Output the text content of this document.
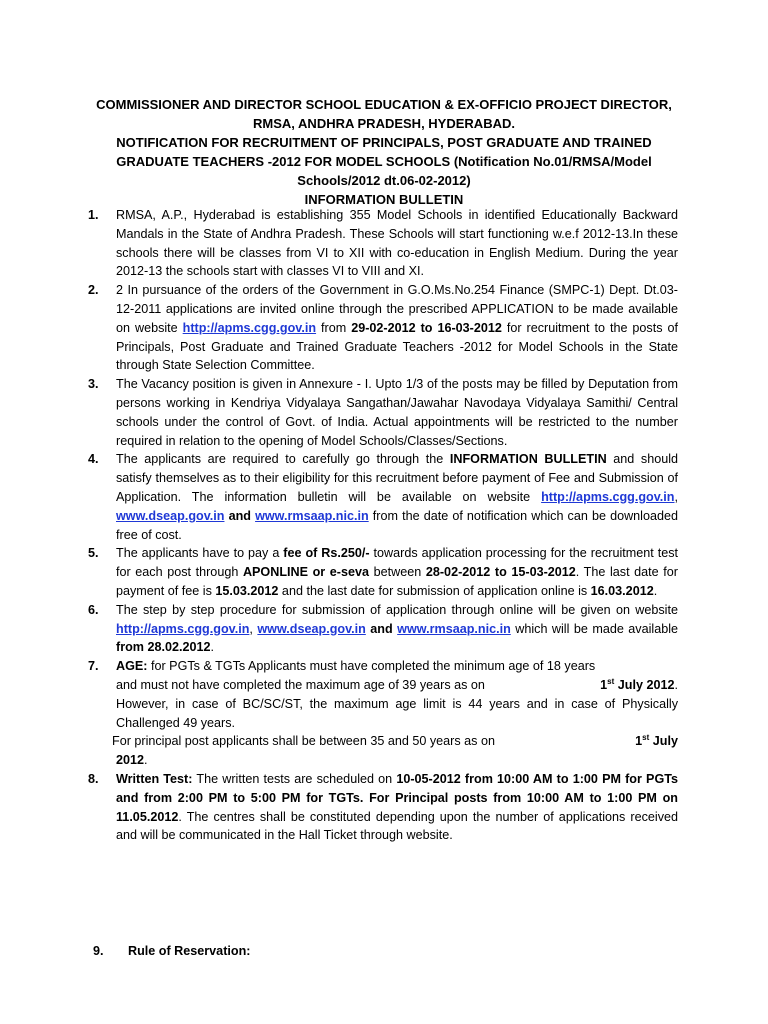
COMMISSIONER AND DIRECTOR SCHOOL EDUCATION & EX-OFFICIO PROJECT DIRECTOR,
RMSA, ANDHRA PRADESH, HYDERABAD.
NOTIFICATION FOR RECRUITMENT OF PRINCIPALS, POST GRADUATE AND TRAINED
GRADUATE TEACHERS -2012 FOR MODEL SCHOOLS (Notification No.01/RMSA/Model
Schools/2012 dt.06-02-2012)
INFORMATION BULLETIN
1. RMSA, A.P., Hyderabad is establishing 355 Model Schools in identified Educationally Backward Mandals in the State of Andhra Pradesh. These Schools will start functioning w.e.f 2012-13.In these schools there will be classes from VI to XII with co-education in English Medium. During the year 2012-13 the schools start with classes VI to VIII and XI.
2. 2 In pursuance of the orders of the Government in G.O.Ms.No.254 Finance (SMPC-1) Dept. Dt.03-12-2011 applications are invited online through the prescribed APPLICATION to be made available on website http://apms.cgg.gov.in from 29-02-2012 to 16-03-2012 for recruitment to the posts of Principals, Post Graduate and Trained Graduate Teachers -2012 for Model Schools in the State through State Selection Committee.
3. The Vacancy position is given in Annexure - I. Upto 1/3 of the posts may be filled by Deputation from persons working in Kendriya Vidyalaya Sangathan/Jawahar Navodaya Vidyalaya Samithi/ Central schools under the control of Govt. of India. Actual appointments will be restricted to the number required in relation to the opening of Model Schools/Classes/Sections.
4. The applicants are required to carefully go through the INFORMATION BULLETIN and should satisfy themselves as to their eligibility for this recruitment before payment of Fee and Submission of Application. The information bulletin will be available on website http://apms.cgg.gov.in, www.dseap.gov.in and www.rmsaap.nic.in from the date of notification which can be downloaded free of cost.
5. The applicants have to pay a fee of Rs.250/- towards application processing for the recruitment test for each post through APONLINE or e-seva between 28-02-2012 to 15-03-2012. The last date for payment of fee is 15.03.2012 and the last date for submission of application online is 16.03.2012.
6. The step by step procedure for submission of application through online will be given on website http://apms.cgg.gov.in, www.dseap.gov.in and www.rmsaap.nic.in which will be made available from 28.02.2012.
7. AGE: for PGTs & TGTs Applicants must have completed the minimum age of 18 years
and must not have completed the maximum age of 39 years as on	1st July 2012.
However, in case of BC/SC/ST, the maximum age limit is 44 years and in case of Physically Challenged 49 years.
For principal post applicants shall be between 35 and 50 years as on	1st July
2012.
8. Written Test: The written tests are scheduled on 10-05-2012 from 10:00 AM to 1:00 PM for PGTs and from 2:00 PM to 5:00 PM for TGTs. For Principal posts from 10:00 AM to 1:00 PM on 11.05.2012. The centres shall be constituted depending upon the number of applications received and will be communicated in the Hall Ticket through website.
9. Rule of Reservation:
